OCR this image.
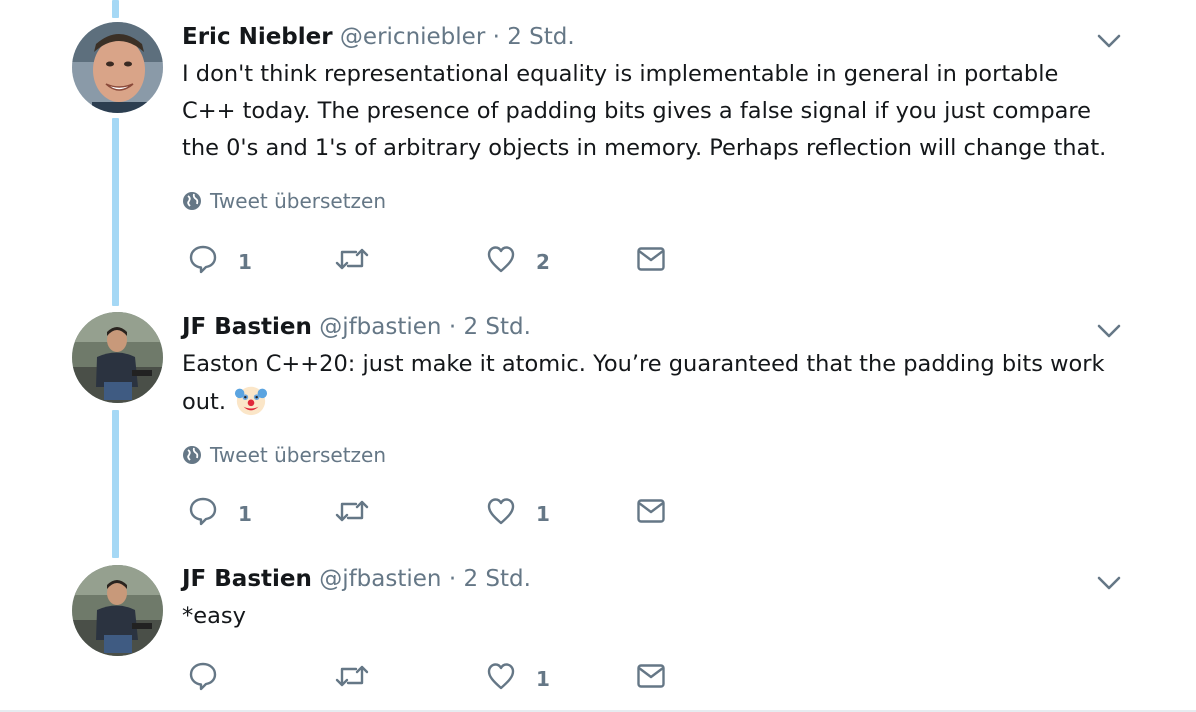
Eric Niebler @ericniebler · 2 Std.
I don't think representational equality is implementable in general in portable
C++ today. The presence of padding bits gives a false signal if you just compare
the 0's and 1's of arbitrary objects in memory. Perhaps reflection will change that.
Tweet übersetzen
1	2
JF Bastien @jfbastien · 2 Std.
Easton C++20: just make it atomic. You’re guaranteed that the padding bits work
out.
Tweet übersetzen
1	1
JF Bastien @jfbastien · 2 Std.
*easy
1
